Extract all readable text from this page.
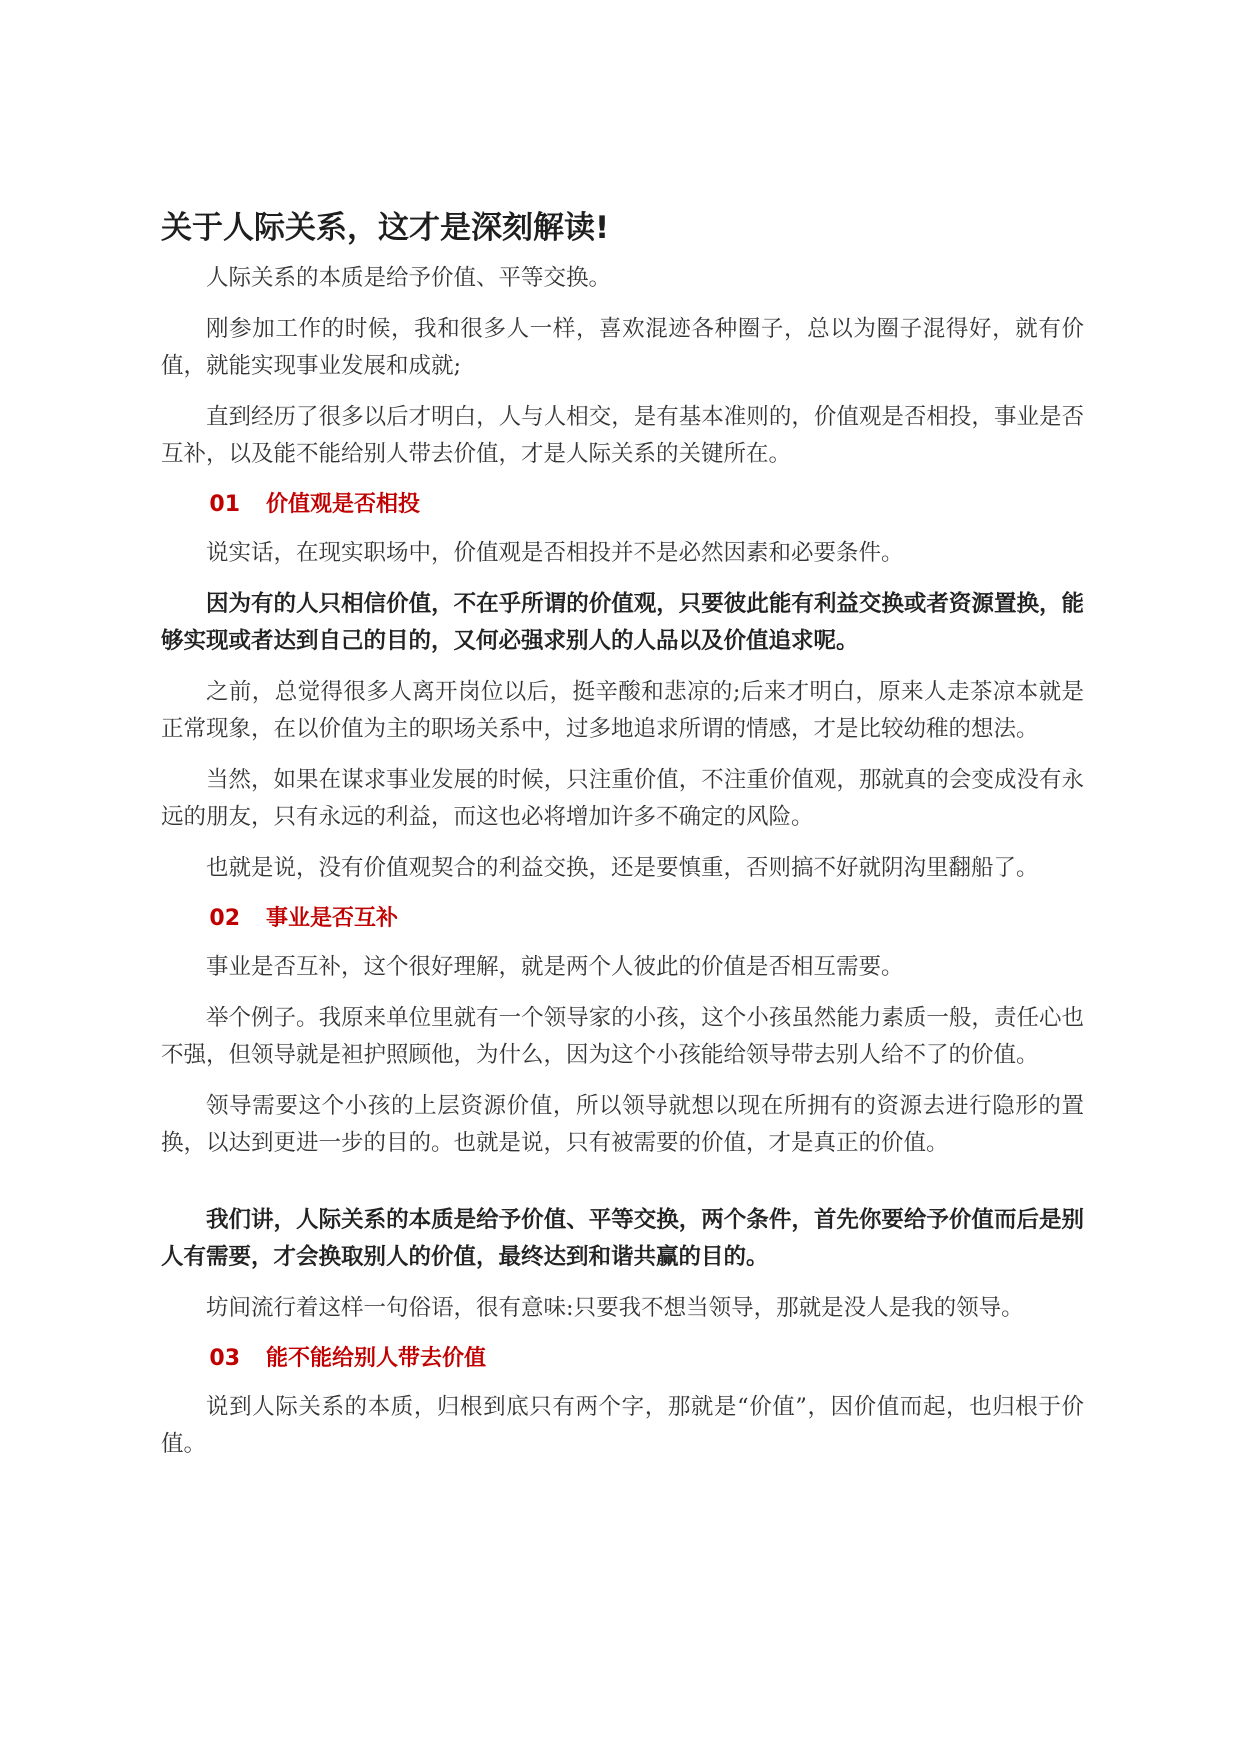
关于人际关系，这才是深刻解读!

人际关系的本质是给予价值、平等交换。

刚参加工作的时候，我和很多人一样，喜欢混迹各种圈子，总以为圈子混得好，就有价值，就能实现事业发展和成就;

直到经历了很多以后才明白，人与人相交，是有基本准则的，价值观是否相投，事业是否互补，以及能不能给别人带去价值，才是人际关系的关键所在。

01 价值观是否相投

说实话，在现实职场中，价值观是否相投并不是必然因素和必要条件。

因为有的人只相信价值，不在乎所谓的价值观，只要彼此能有利益交换或者资源置换，能够实现或者达到自己的目的，又何必强求别人的人品以及价值追求呢。

之前，总觉得很多人离开岗位以后，挺辛酸和悲凉的;后来才明白，原来人走茶凉本就是正常现象，在以价值为主的职场关系中，过多地追求所谓的情感，才是比较幼稚的想法。

当然，如果在谋求事业发展的时候，只注重价值，不注重价值观，那就真的会变成没有永远的朋友，只有永远的利益，而这也必将增加许多不确定的风险。

也就是说，没有价值观契合的利益交换，还是要慎重，否则搞不好就阴沟里翻船了。

02 事业是否互补

事业是否互补，这个很好理解，就是两个人彼此的价值是否相互需要。

举个例子。我原来单位里就有一个领导家的小孩，这个小孩虽然能力素质一般，责任心也不强，但领导就是袒护照顾他，为什么，因为这个小孩能给领导带去别人给不了的价值。

领导需要这个小孩的上层资源价值，所以领导就想以现在所拥有的资源去进行隐形的置换，以达到更进一步的目的。也就是说，只有被需要的价值，才是真正的价值。

我们讲，人际关系的本质是给予价值、平等交换，两个条件，首先你要给予价值而后是别人有需要，才会换取别人的价值，最终达到和谐共赢的目的。

坊间流行着这样一句俗语，很有意味:只要我不想当领导，那就是没人是我的领导。

03 能不能给别人带去价值

说到人际关系的本质，归根到底只有两个字，那就是“价值”，因价值而起，也归根于价值。
